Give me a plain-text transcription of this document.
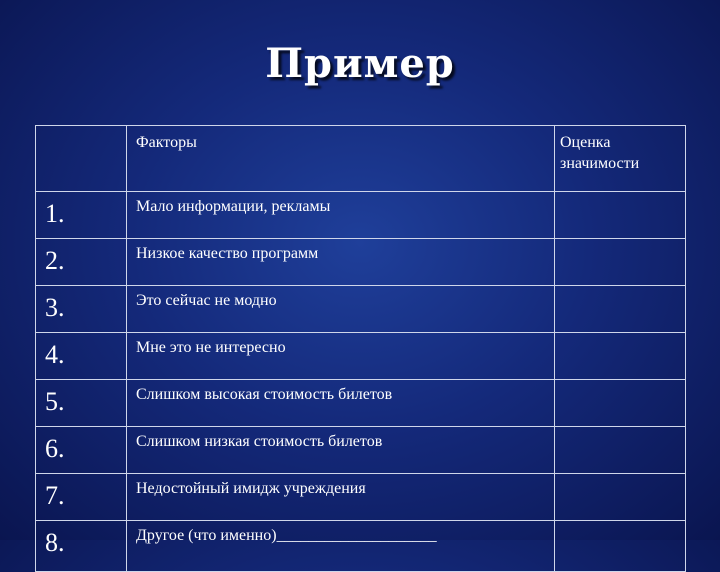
Пример
	Факторы	Оценка значимости
1.	Мало информации, рекламы	
2.	Низкое качество программ	
3.	Это сейчас не модно	
4.	Мне это не интересно	
5.	Слишком высокая стоимость билетов	
6.	Слишком низкая стоимость билетов	
7.	Недостойный имидж учреждения	
8.	Другое (что именно)____________________	
